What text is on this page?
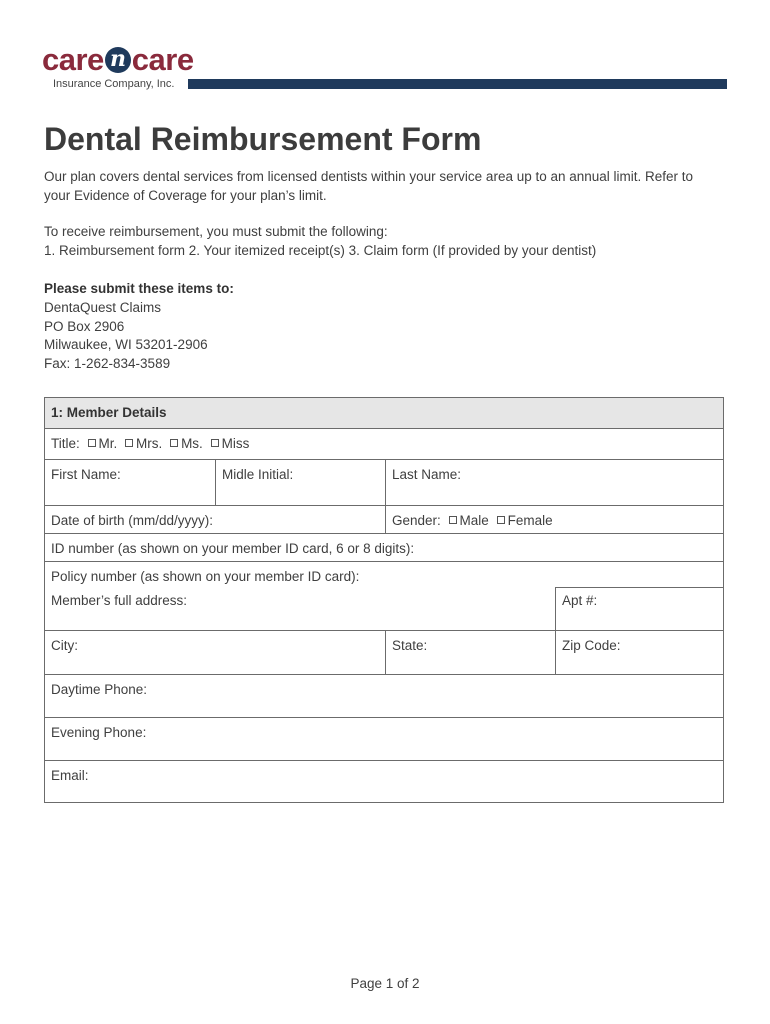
care n care
Insurance Company, Inc.
Dental Reimbursement Form

Our plan covers dental services from licensed dentists within your service area up to an annual limit. Refer to

your Evidence of Coverage for your plan’s limit.

To receive reimbursement, you must submit the following:

1. Reimbursement form 2. Your itemized receipt(s) 3. Claim form (If provided by your dentist)

Please submit these items to:

DentaQuest Claims

PO Box 2906

Milwaukee, WI 53201-2906

Fax: 1-262-834-3589

1: Member Details
Title: Mr. Mrs. Ms. Miss
First Name:	Midle Initial:	Last Name:
Date of birth (mm/dd/yyyy):	Gender: Male Female
ID number (as shown on your member ID card, 6 or 8 digits):
Policy number (as shown on your member ID card):
Member’s full address:	Apt #:
City:	State:	Zip Code:
Daytime Phone:
Evening Phone:
Email:
Page 1 of 2
